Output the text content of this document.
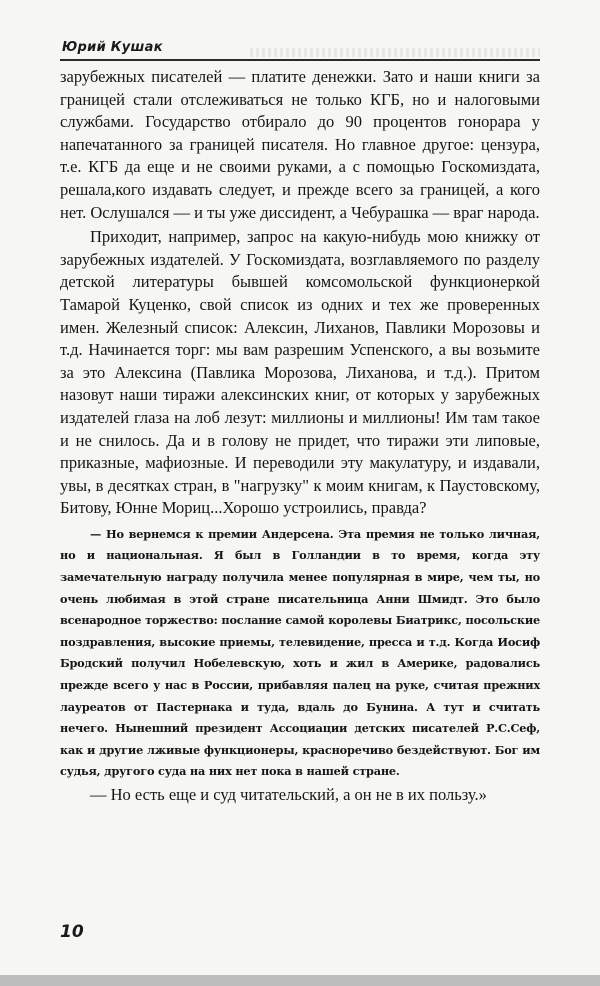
Юрий Кушак

зарубежных писателей — платите денежки. Зато и наши книги за границей стали отслеживаться не только КГБ, но и налоговыми службами. Государство отбирало до 90 процентов гонорара у напечатанного за границей писателя. Но главное другое: цензура, т.е. КГБ да еще и не своими руками, а с помощью Госкомиздата, решала,кого издавать следует, и прежде всего за границей, а кого нет. Ослушался — и ты уже диссидент, а Чебурашка — враг народа.

Приходит, например, запрос на какую-нибудь мою книжку от зарубежных издателей. У Госкомиздата, возглавляемого по разделу детской литературы бывшей комсомольской функционеркой Тамарой Куценко, свой список из одних и тех же проверенных имен. Железный список: Алексин, Лиханов, Павлики Морозовы и т.д. Начинается торг: мы вам разрешим Успенского, а вы возьмите за это Алексина (Павлика Морозова, Лиханова, и т.д.). Притом назовут наши тиражи алексинских книг, от которых у зарубежных издателей глаза на лоб лезут: миллионы и миллионы! Им там такое и не снилось. Да и в голову не придет, что тиражи эти липовые, приказные, мафиозные. И переводили эту макулатуру, и издавали, увы, в десятках стран, в "нагрузку" к моим книгам, к Паустовскому, Битову, Юнне Мориц...Хорошо устроились, правда?

— Но вернемся к премии Андерсена. Эта премия не только личная, но и национальная. Я был в Голландии в то время, когда эту замечательную награду получила менее популярная в мире, чем ты, но очень любимая в этой стране писательница Анни Шмидт. Это было всенародное торжество: послание самой королевы Биатрикс, посольские поздравления, высокие приемы, телевидение, пресса и т.д. Когда Иосиф Бродский получил Нобелевскую, хоть и жил в Америке, радовались прежде всего у нас в России, прибавляя палец на руке, считая прежних лауреатов от Пастернака и туда, вдаль до Бунина. А тут и считать нечего. Нынешний президент Ассоциации детских писателей Р.С.Сеф, как и другие лживые функционеры, красноречиво бездействуют. Бог им судья, другого суда на них нет пока в нашей стране.

— Но есть еще и суд читательский, а он не в их пользу.»

10
